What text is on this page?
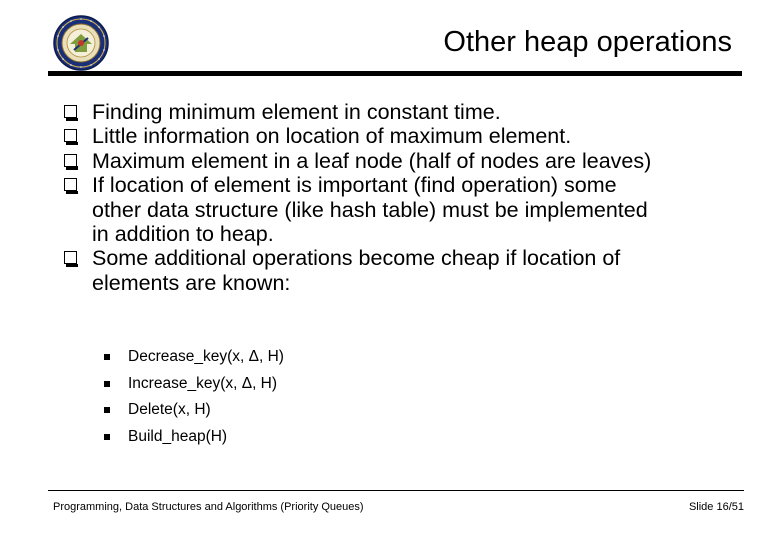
Other heap operations
Finding minimum element in constant time.
Little information on location of maximum element.
Maximum element in a leaf node (half of nodes are leaves)
If location of element is important (find operation) some
other data structure (like hash table) must be implemented
in addition to heap.
Some additional operations become cheap if location of
elements are known:
Decrease_key(x, Δ, H)
Increase_key(x, Δ, H)
Delete(x, H)
Build_heap(H)
Programming, Data Structures and Algorithms (Priority Queues)	Slide 16/51
